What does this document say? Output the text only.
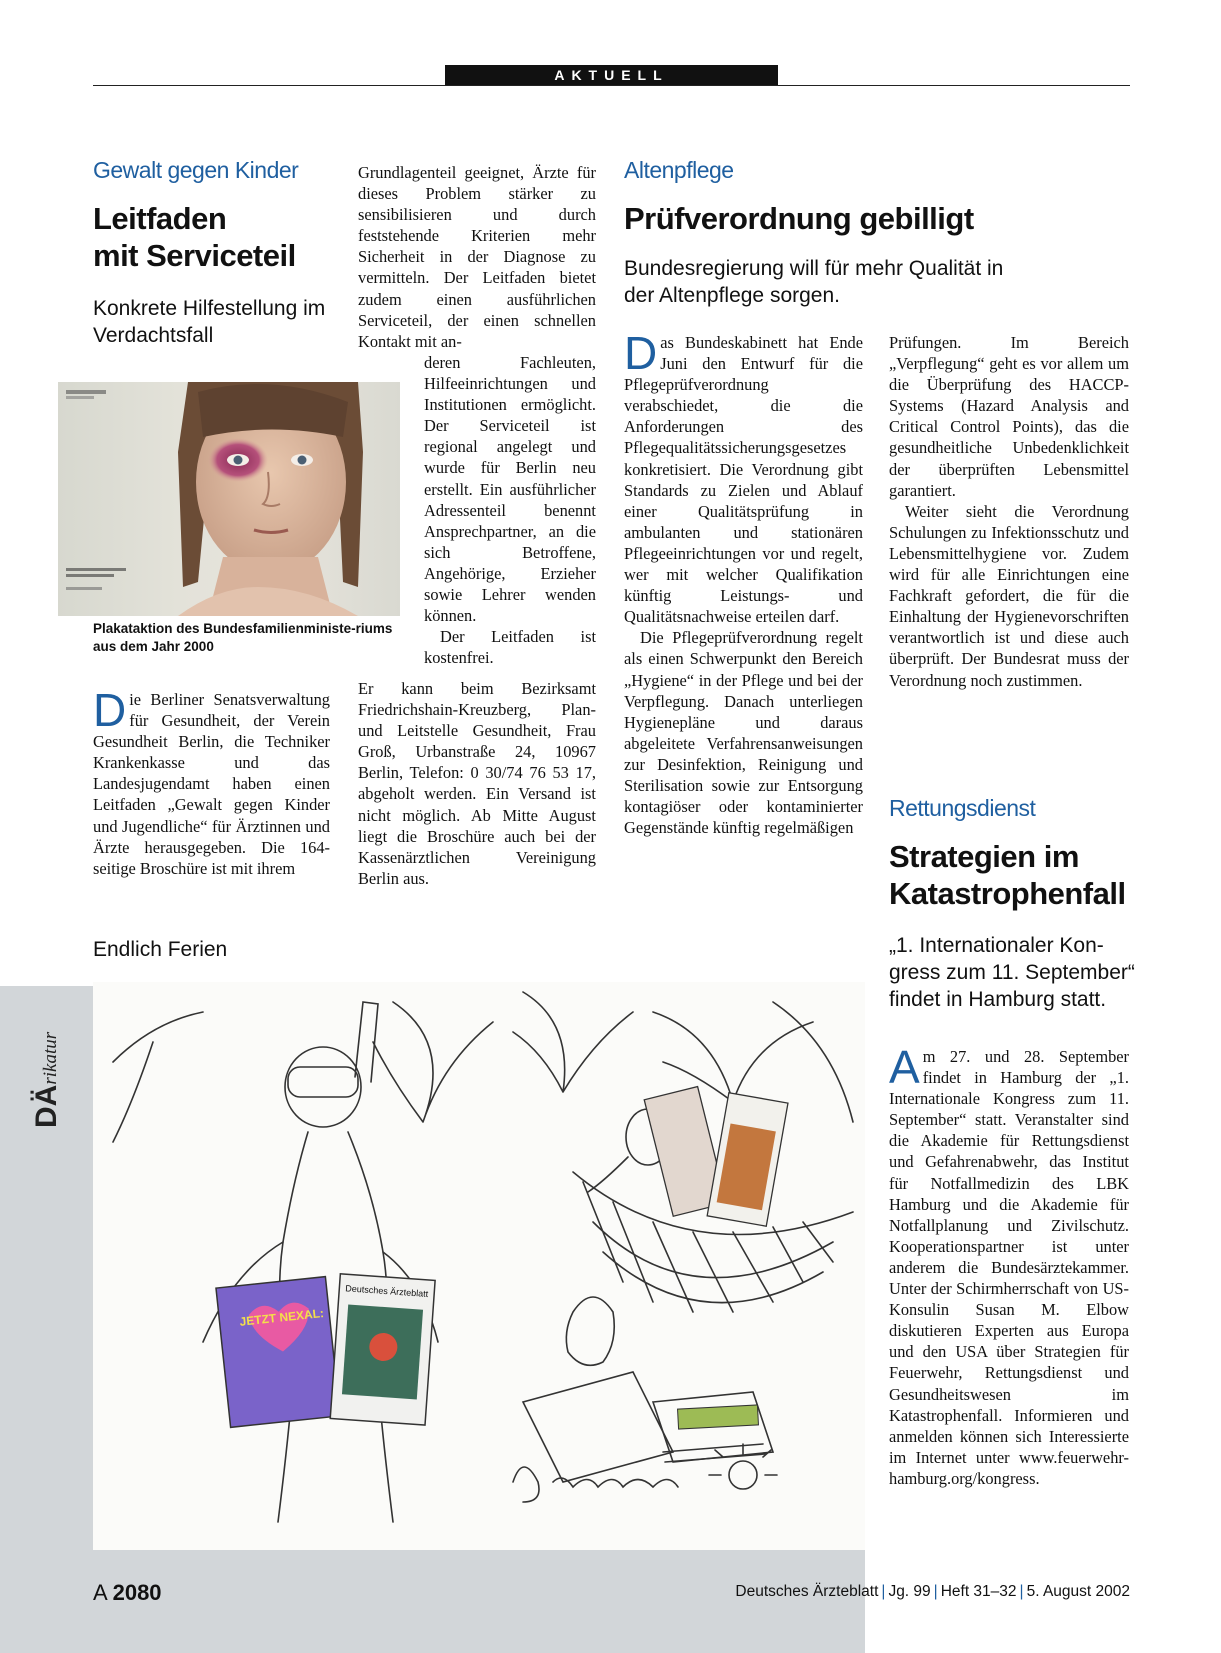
AKTUELL
Gewalt gegen Kinder
Leitfaden
mit Serviceteil
Konkrete Hilfestellung im
Verdachtsfall
Plakataktion des Bundesfamilienministe-riums aus dem Jahr 2000
D ie Berliner Senatsverwaltung für Gesundheit, der Verein Gesundheit Berlin, die Techniker Krankenkasse und das Landesjugendamt haben einen Leitfaden „Gewalt gegen Kinder und Jugendliche“ für Ärztinnen und Ärzte herausgegeben. Die 164-seitige Broschüre ist mit ihrem

Grundlagenteil geeignet, Ärzte für dieses Problem stärker zu sensibilisieren und durch feststehende Kriterien mehr Sicherheit in der Diagnose zu vermitteln. Der Leitfaden bietet zudem einen ausführlichen Serviceteil, der einen schnellen Kontakt mit an-

deren Fachleuten, Hilfeeinrichtungen und Institutionen ermöglicht. Der Serviceteil ist regional angelegt und wurde für Berlin neu erstellt. Ein ausführlicher Adressenteil benennt Ansprechpartner, an die sich Betroffene, Angehörige, Erzieher sowie Lehrer wenden können.

Der Leitfaden ist kostenfrei.

Er kann beim Bezirksamt Friedrichshain-Kreuzberg, Plan- und Leitstelle Gesundheit, Frau Groß, Urbanstraße 24, 10967 Berlin, Telefon: 0 30/74 76 53 17, abgeholt werden. Ein Versand ist nicht möglich. Ab Mitte August liegt die Broschüre auch bei der Kassenärztlichen Vereinigung Berlin aus.

Altenpflege
Prüfverordnung gebilligt
Bundesregierung will für mehr Qualität in
der Altenpflege sorgen.

Das Bundeskabinett hat Ende Juni den Entwurf für die Pflegeprüfverordnung verabschiedet, die die Anforderungen des Pflegequalitätssicherungsgesetzes konkretisiert. Die Verordnung gibt Standards zu Zielen und Ablauf einer Qualitätsprüfung in ambulanten und stationären Pflegeeinrichtungen vor und regelt, wer mit welcher Qualifikation künftig Leistungs- und Qualitätsnachweise erteilen darf.

Die Pflegeprüfverordnung regelt als einen Schwerpunkt den Bereich „Hygiene“ in der Pflege und bei der Verpflegung. Danach unterliegen Hygienepläne und daraus abgeleitete Verfahrensanweisungen zur Desinfektion, Reinigung und Sterilisation sowie zur Entsorgung kontagiöser oder kontaminierter Gegenstände künftig regelmäßigen

Prüfungen. Im Bereich „Verpflegung“ geht es vor allem um die Überprüfung des HACCP-Systems (Hazard Analysis and Critical Control Points), das die gesundheitliche Unbedenklichkeit der überprüften Lebensmittel garantiert.

Weiter sieht die Verordnung Schulungen zu Infektionsschutz und Lebensmittelhygiene vor. Zudem wird für alle Einrichtungen eine Fachkraft gefordert, die für die Einhaltung der Hygienevorschriften verantwortlich ist und diese auch überprüft. Der Bundesrat muss der Verordnung noch zustimmen.

Rettungsdienst
Strategien im
Katastrophenfall
„1. Internationaler Kon-
gress zum 11. September“
findet in Hamburg statt.
A m 27. und 28. September findet in Hamburg der „1. Internationale Kongress zum 11. September“ statt. Veranstalter sind die Akademie für Rettungsdienst und Gefahrenabwehr, das Institut für Notfallmedizin des LBK Hamburg und die Akademie für Notfallplanung und Zivilschutz. Kooperationspartner ist unter anderem die Bundesärztekammer. Unter der Schirmherrschaft von US-Konsulin Susan M. Elbow diskutieren Experten aus Europa und den USA über Strategien für Feuerwehr, Rettungsdienst und Gesundheitswesen im Katastrophenfall. Informieren und anmelden können sich Interessierte im Internet unter www.feuerwehr-hamburg.org/kongress.
Endlich Ferien
DÄrikatur
JETZT NEXAL:
Deutsches Ärzteblatt
A 2080	Deutsches Ärzteblatt | Jg. 99 | Heft 31–32 | 5. August 2002
